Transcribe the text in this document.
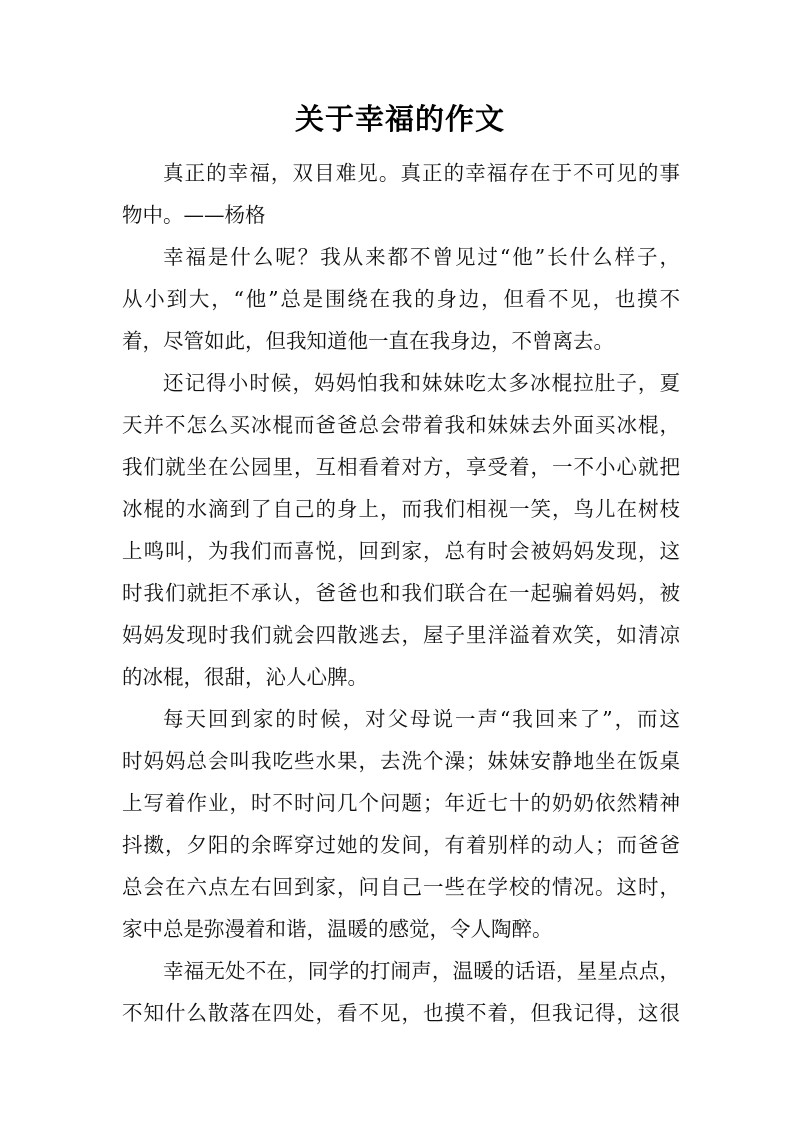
关于幸福的作文

真正的幸福，双目难见。真正的幸福存在于不可见的事
物中。——杨格

幸福是什么呢？我从来都不曾见过“他”长什么样子，
从小到大，“他”总是围绕在我的身边，但看不见，也摸不
着，尽管如此，但我知道他一直在我身边，不曾离去。

还记得小时候，妈妈怕我和妹妹吃太多冰棍拉肚子，夏
天并不怎么买冰棍而爸爸总会带着我和妹妹去外面买冰棍，
我们就坐在公园里，互相看着对方，享受着，一不小心就把
冰棍的水滴到了自己的身上，而我们相视一笑，鸟儿在树枝
上鸣叫，为我们而喜悦，回到家，总有时会被妈妈发现，这
时我们就拒不承认，爸爸也和我们联合在一起骗着妈妈，被
妈妈发现时我们就会四散逃去，屋子里洋溢着欢笑，如清凉
的冰棍，很甜，沁人心脾。

每天回到家的时候，对父母说一声“我回来了”，而这
时妈妈总会叫我吃些水果，去洗个澡；妹妹安静地坐在饭桌
上写着作业，时不时问几个问题；年近七十的奶奶依然精神
抖擞，夕阳的余晖穿过她的发间，有着别样的动人；而爸爸
总会在六点左右回到家，问自己一些在学校的情况。这时，
家中总是弥漫着和谐，温暖的感觉，令人陶醉。

幸福无处不在，同学的打闹声，温暖的话语，星星点点，
不知什么散落在四处，看不见，也摸不着，但我记得，这很
